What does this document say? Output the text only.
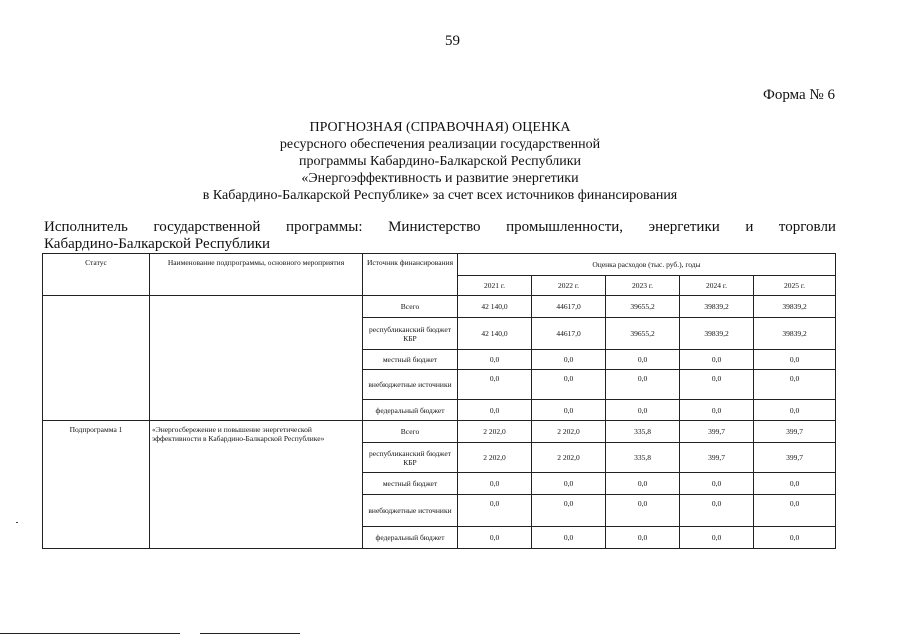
59
Форма № 6
ПРОГНОЗНАЯ (СПРАВОЧНАЯ) ОЦЕНКА
ресурсного обеспечения реализации государственной
программы Кабардино-Балкарской Республики
«Энергоэффективность и развитие энергетики
в Кабардино-Балкарской Республике» за счет всех источников финансирования
Исполнитель государственной программы: Министерство промышленности, энергетики и торговли
Кабардино-Балкарской Республики
Статус	Наименование подпрограммы, основного мероприятия	Источник финансирования	Оценка расходов (тыс. руб.), годы				
			2021 г.	2022 г.	2023 г.	2024 г.	2025 г.
		Всего	42 140,0	44617,0	39655,2	39839,2	39839,2
		республиканский бюджет КБР	42 140,0	44617,0	39655,2	39839,2	39839,2
		местный бюджет	0,0	0,0	0,0	0,0	0,0
		внебюджетные источники	0,0	0,0	0,0	0,0	0,0
		федеральный бюджет	0,0	0,0	0,0	0,0	0,0
Подпрограмма 1	«Энергосбережение и повышение энергетической эффективности в Кабардино-Балкарской Республике»	Всего	2 202,0	2 202,0	335,8	399,7	399,7
		республиканский бюджет КБР	2 202,0	2 202,0	335,8	399,7	399,7
		местный бюджет	0,0	0,0	0,0	0,0	0,0
		внебюджетные источники	0,0	0,0	0,0	0,0	0,0
		федеральный бюджет	0,0	0,0	0,0	0,0	0,0
